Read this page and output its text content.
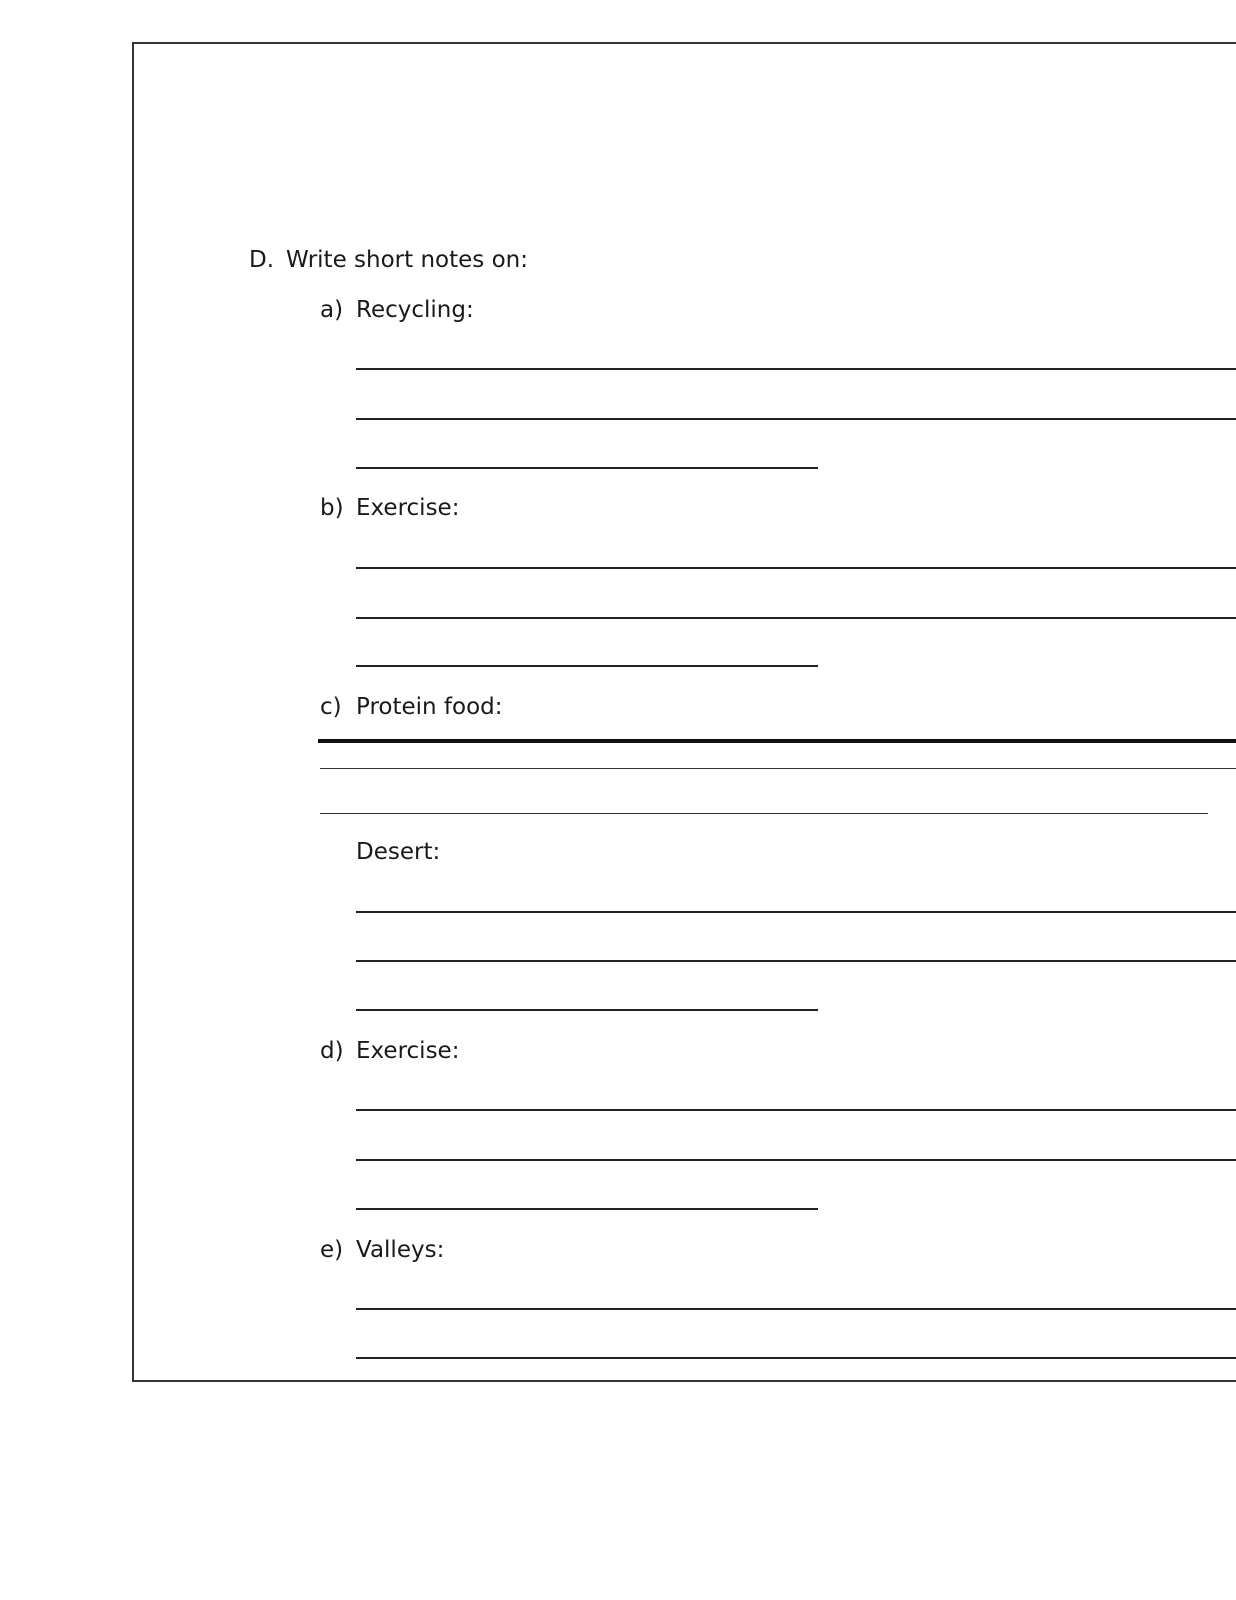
D. Write short notes on:
a) Recycling:
b) Exercise:
c) Protein food:
Desert:
d) Exercise:
e) Valleys:
